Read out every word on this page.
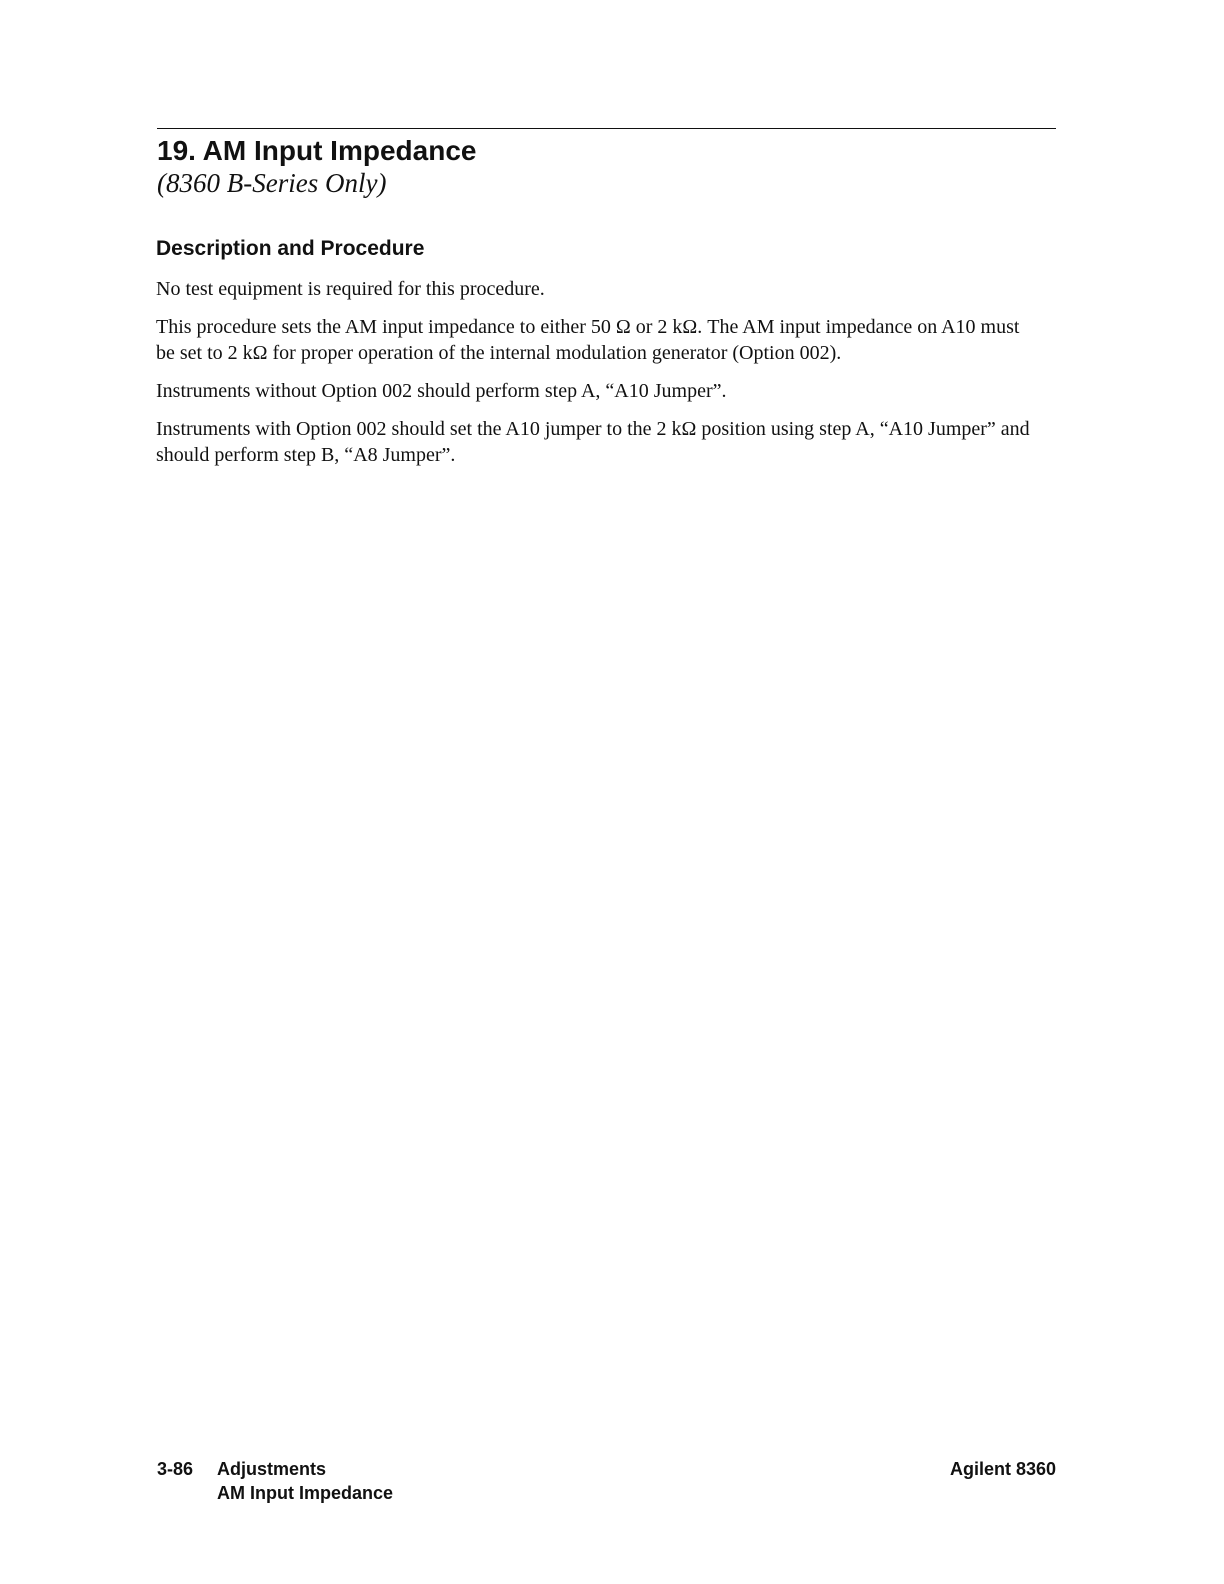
19. AM Input Impedance
(8360 B-Series Only)
Description and Procedure

No test equipment is required for this procedure.

This procedure sets the AM input impedance to either 50 Ω or 2 kΩ. The AM input impedance on A10 must be set to 2 kΩ for proper operation of the internal modulation generator (Option 002).

Instruments without Option 002 should perform step A, “A10 Jumper”.

Instruments with Option 002 should set the A10 jumper to the 2 kΩ position using step A, “A10 Jumper” and should perform step B, “A8 Jumper”.

3-86 Adjustments
AM Input Impedance
Agilent 8360
